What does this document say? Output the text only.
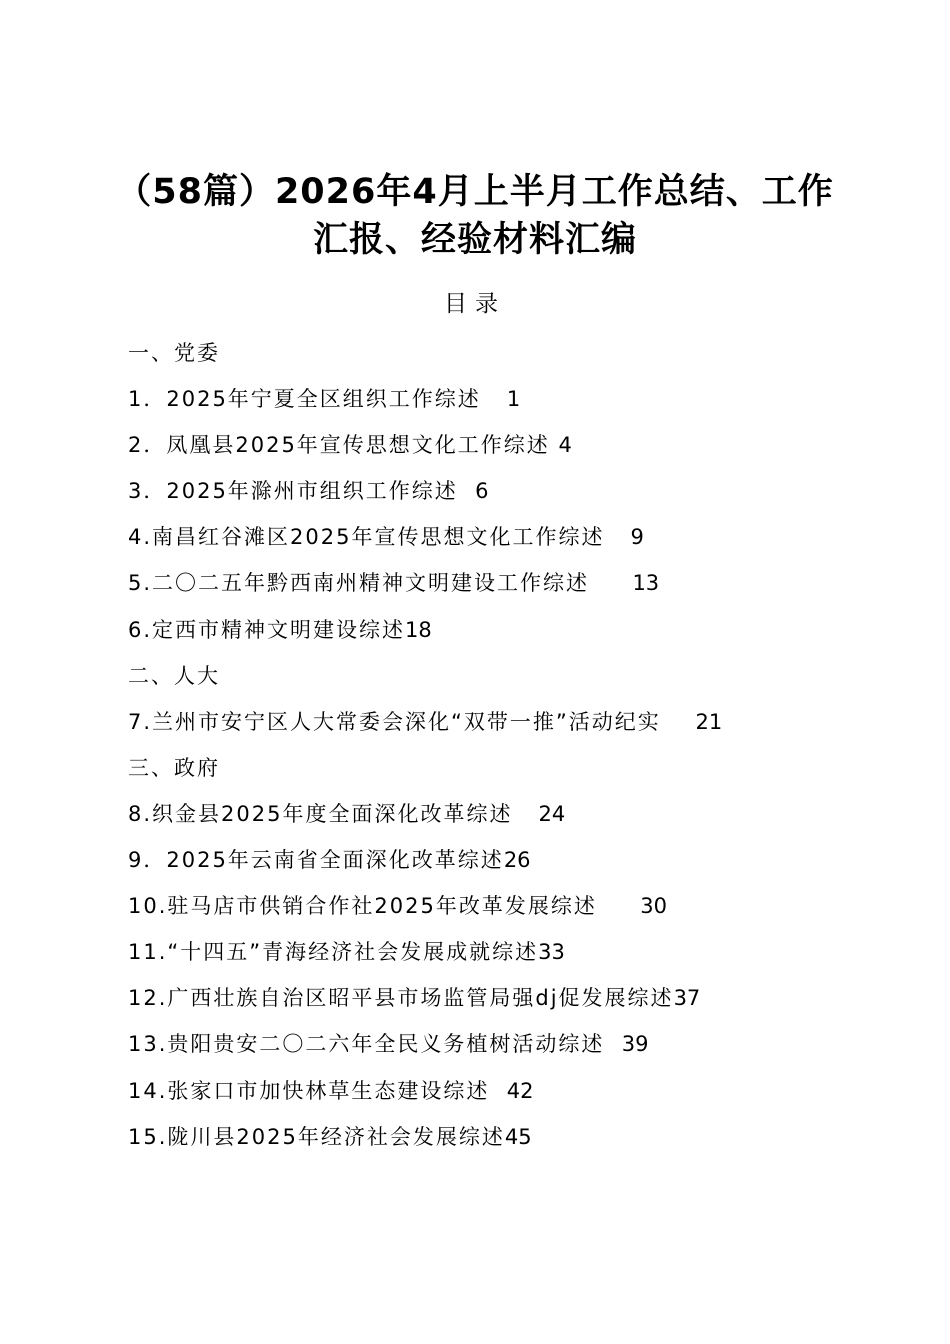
（58篇）2026年4月上半月工作总结、工作
汇报、经验材料汇编
目录
一、党委
1．2025年宁夏全区组织工作综述 1
2．凤凰县2025年宣传思想文化工作综述 4
3．2025年滁州市组织工作综述 6
4.南昌红谷滩区2025年宣传思想文化工作综述 9
5.二〇二五年黔西南州精神文明建设工作综述 13
6.定西市精神文明建设综述18
二、人大
7.兰州市安宁区人大常委会深化“双带一推”活动纪实 21
三、政府
8.织金县2025年度全面深化改革综述 24
9．2025年云南省全面深化改革综述26
10.驻马店市供销合作社2025年改革发展综述 30
11.“十四五”青海经济社会发展成就综述33
12.广西壮族自治区昭平县市场监管局强dj促发展综述37
13.贵阳贵安二〇二六年全民义务植树活动综述 39
14.张家口市加快林草生态建设综述 42
15.陇川县2025年经济社会发展综述45
